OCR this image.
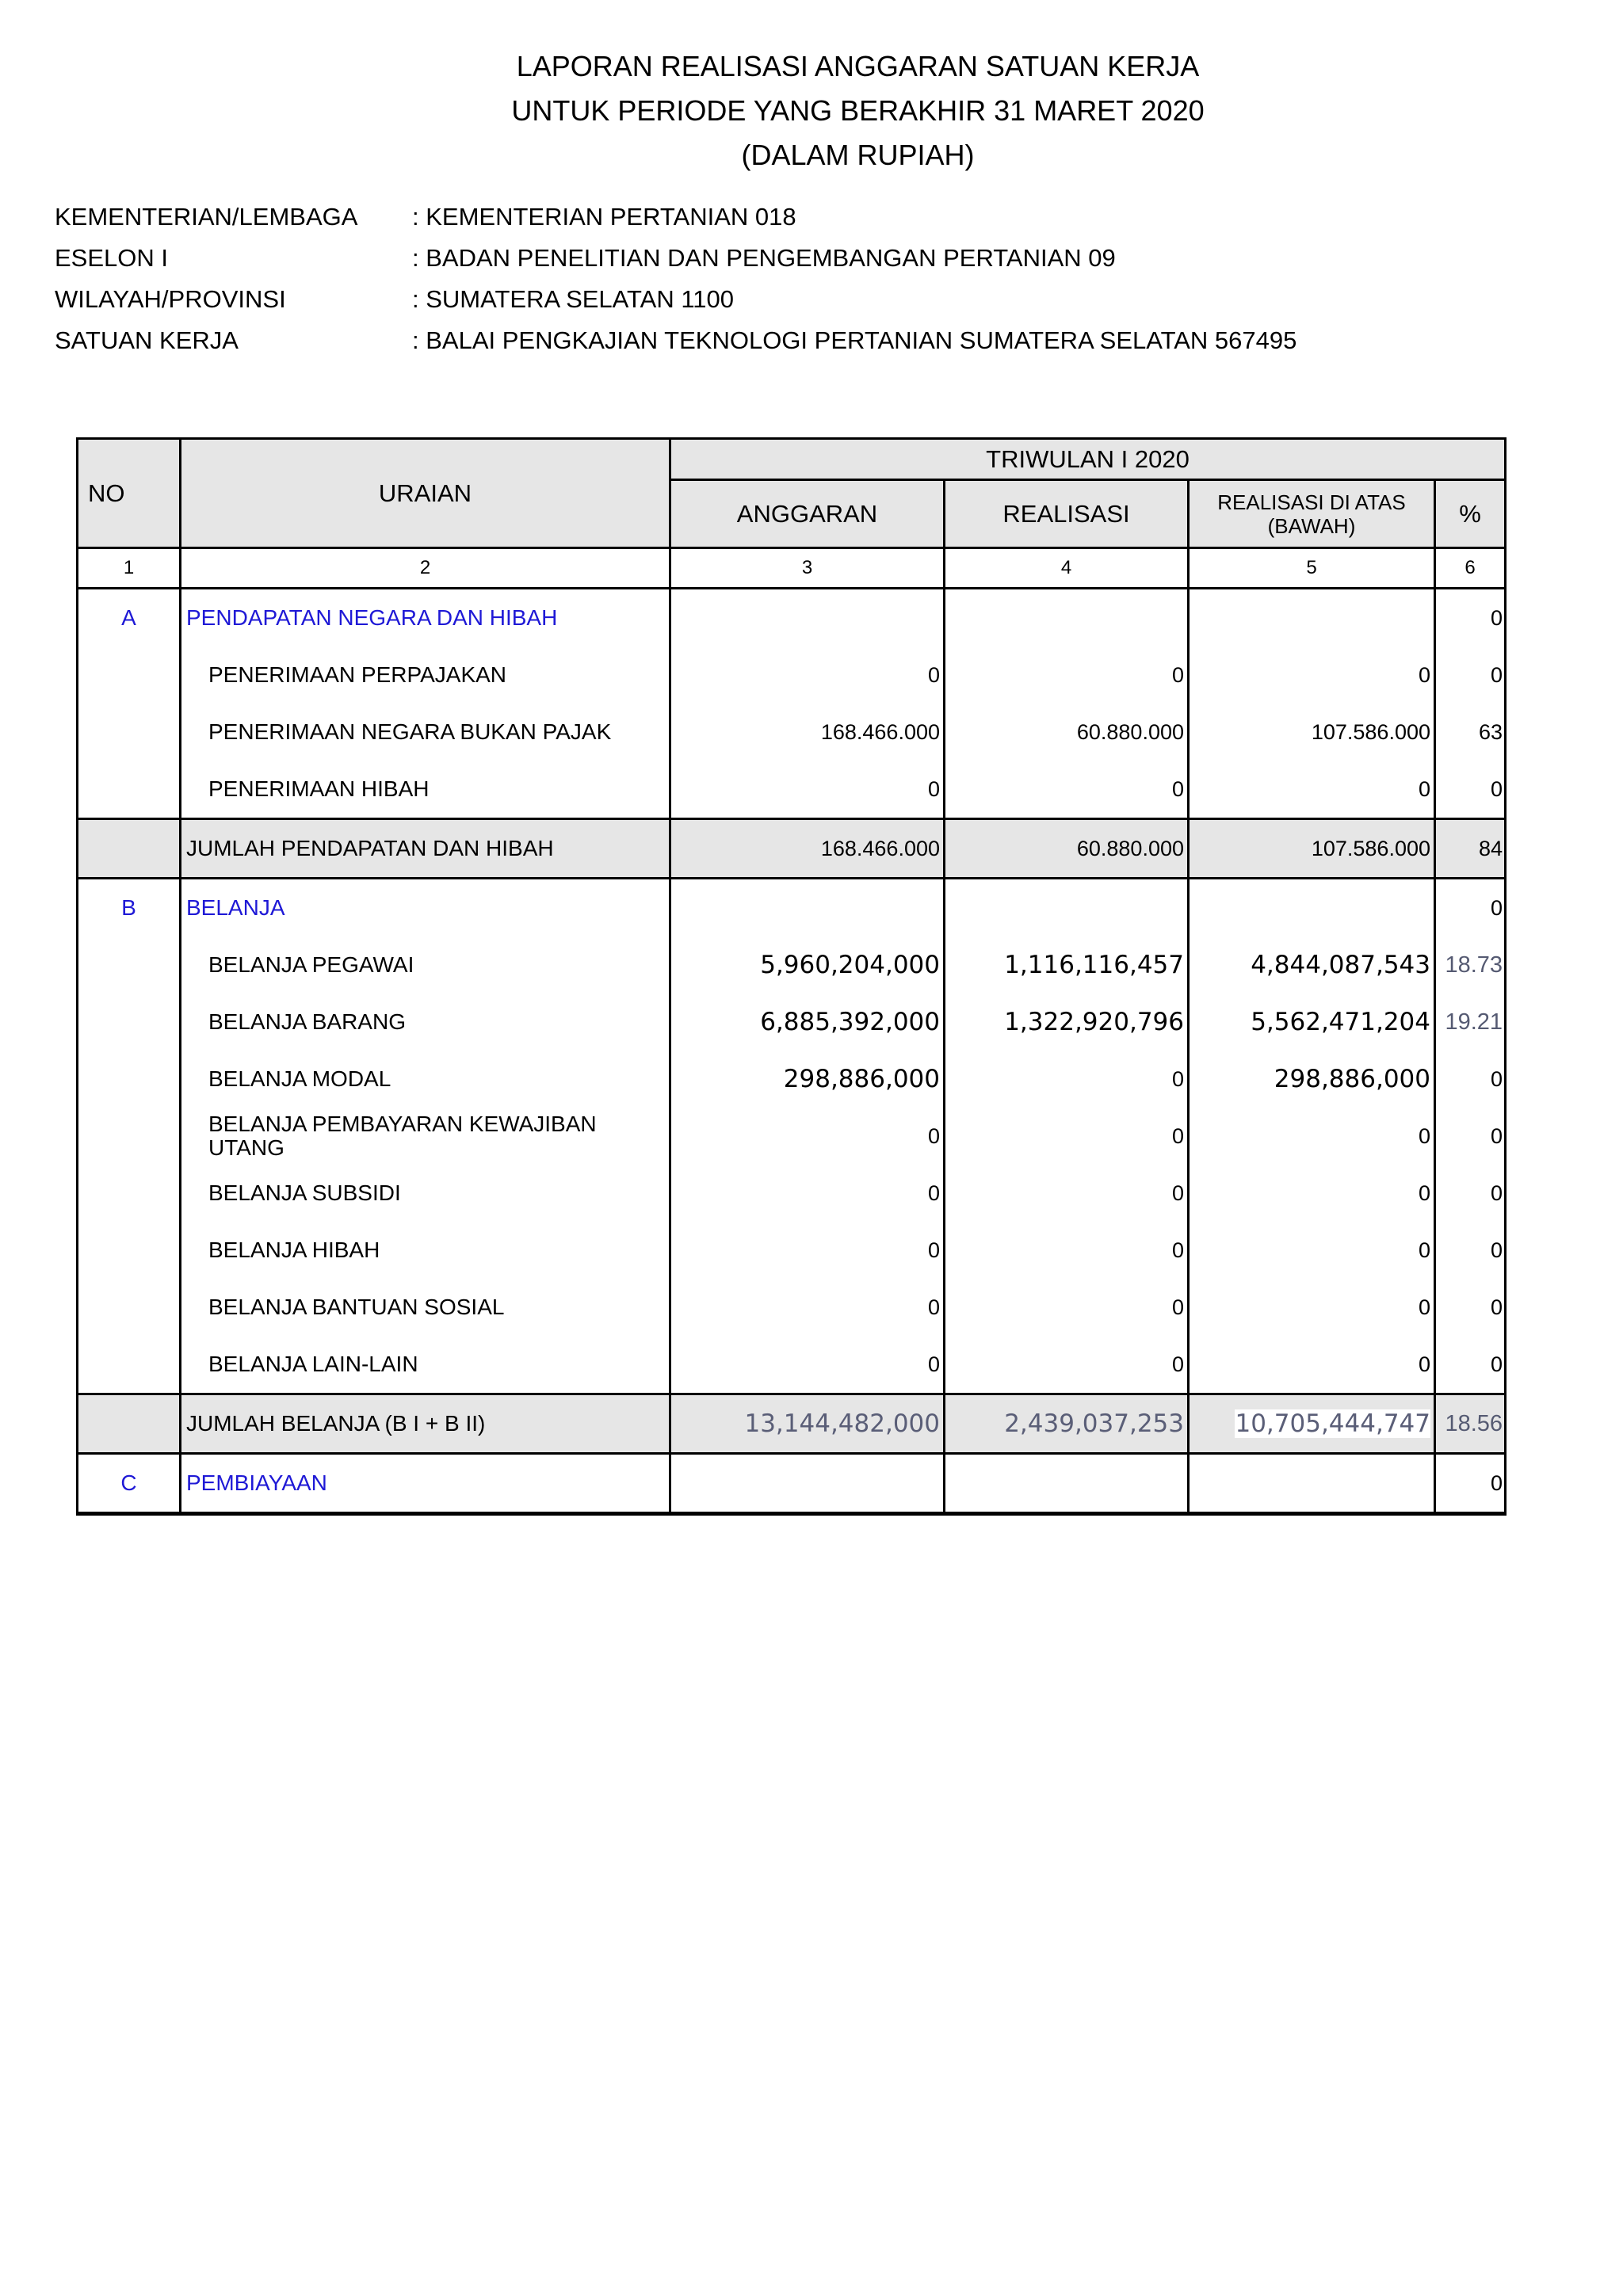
LAPORAN REALISASI ANGGARAN SATUAN KERJA
UNTUK PERIODE YANG BERAKHIR 31 MARET 2020
(DALAM RUPIAH)
KEMENTERIAN/LEMBAGA : KEMENTERIAN PERTANIAN 018
ESELON I	: BADAN PENELITIAN DAN PENGEMBANGAN PERTANIAN 09
WILAYAH/PROVINSI	: SUMATERA SELATAN 1100
SATUAN KERJA	: BALAI PENGKAJIAN TEKNOLOGI PERTANIAN SUMATERA SELATAN 567495
NO	URAIAN	TRIWULAN I 2020			
		ANGGARAN	REALISASI	REALISASI DI ATAS (BAWAH)	%
1	2	3	4	5	6
A	PENDAPATAN NEGARA DAN HIBAH				0
	PENERIMAAN PERPAJAKAN	0	0	0	0
	PENERIMAAN NEGARA BUKAN PAJAK	168.466.000	60.880.000	107.586.000	63
	PENERIMAAN HIBAH	0	0	0	0
	JUMLAH PENDAPATAN DAN HIBAH	168.466.000	60.880.000	107.586.000	84
B	BELANJA				0
	BELANJA PEGAWAI	5,960,204,000	1,116,116,457	4,844,087,543	18.73
	BELANJA BARANG	6,885,392,000	1,322,920,796	5,562,471,204	19.21
	BELANJA MODAL	298,886,000	0	298,886,000	0
	BELANJA PEMBAYARAN KEWAJIBAN UTANG	0	0	0	0
	BELANJA SUBSIDI	0	0	0	0
	BELANJA HIBAH	0	0	0	0
	BELANJA BANTUAN SOSIAL	0	0	0	0
	BELANJA LAIN-LAIN	0	0	0	0
	JUMLAH BELANJA (B I + B II)	13,144,482,000	2,439,037,253	10,705,444,747	18.56
C	PEMBIAYAAN				0
